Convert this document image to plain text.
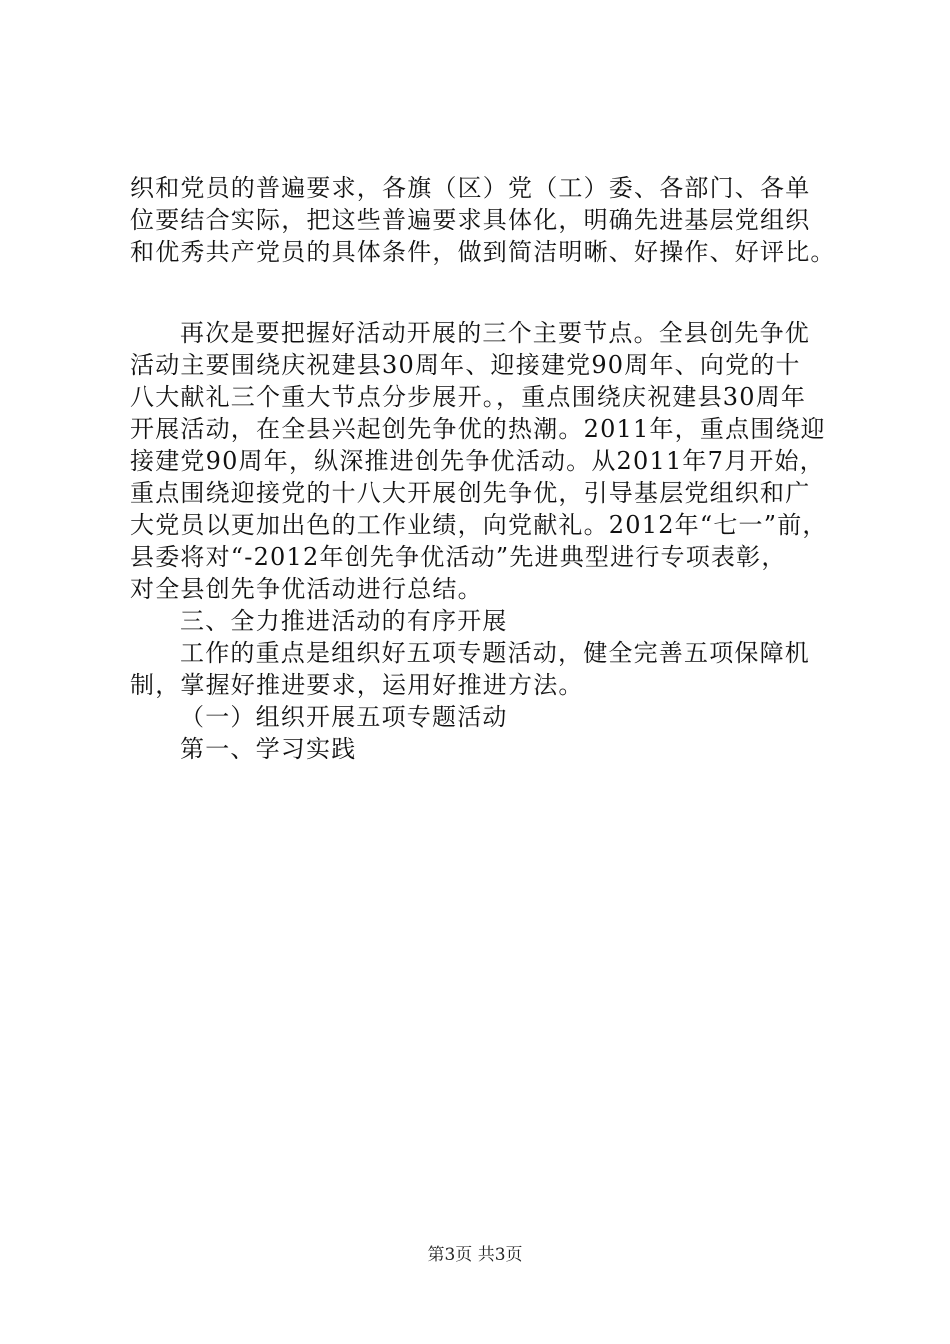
织和党员的普遍要求，各旗（区）党（工）委、各部门、各单
位要结合实际，把这些普遍要求具体化，明确先进基层党组织
和优秀共产党员的具体条件，做到简洁明晰、好操作、好评比。
再次是要把握好活动开展的三个主要节点。全县创先争优
活动主要围绕庆祝建县30周年、迎接建党90周年、向党的十
八大献礼三个重大节点分步展开。，重点围绕庆祝建县30周年
开展活动，在全县兴起创先争优的热潮。2011年，重点围绕迎
接建党90周年，纵深推进创先争优活动。从2011年7月开始，
重点围绕迎接党的十八大开展创先争优，引导基层党组织和广
大党员以更加出色的工作业绩，向党献礼。2012年“七一”前，
县委将对“-2012年创先争优活动”先进典型进行专项表彰，
对全县创先争优活动进行总结。
三、全力推进活动的有序开展
工作的重点是组织好五项专题活动，健全完善五项保障机
制，掌握好推进要求，运用好推进方法。
（一）组织开展五项专题活动
第一、学习实践
第3页 共3页
